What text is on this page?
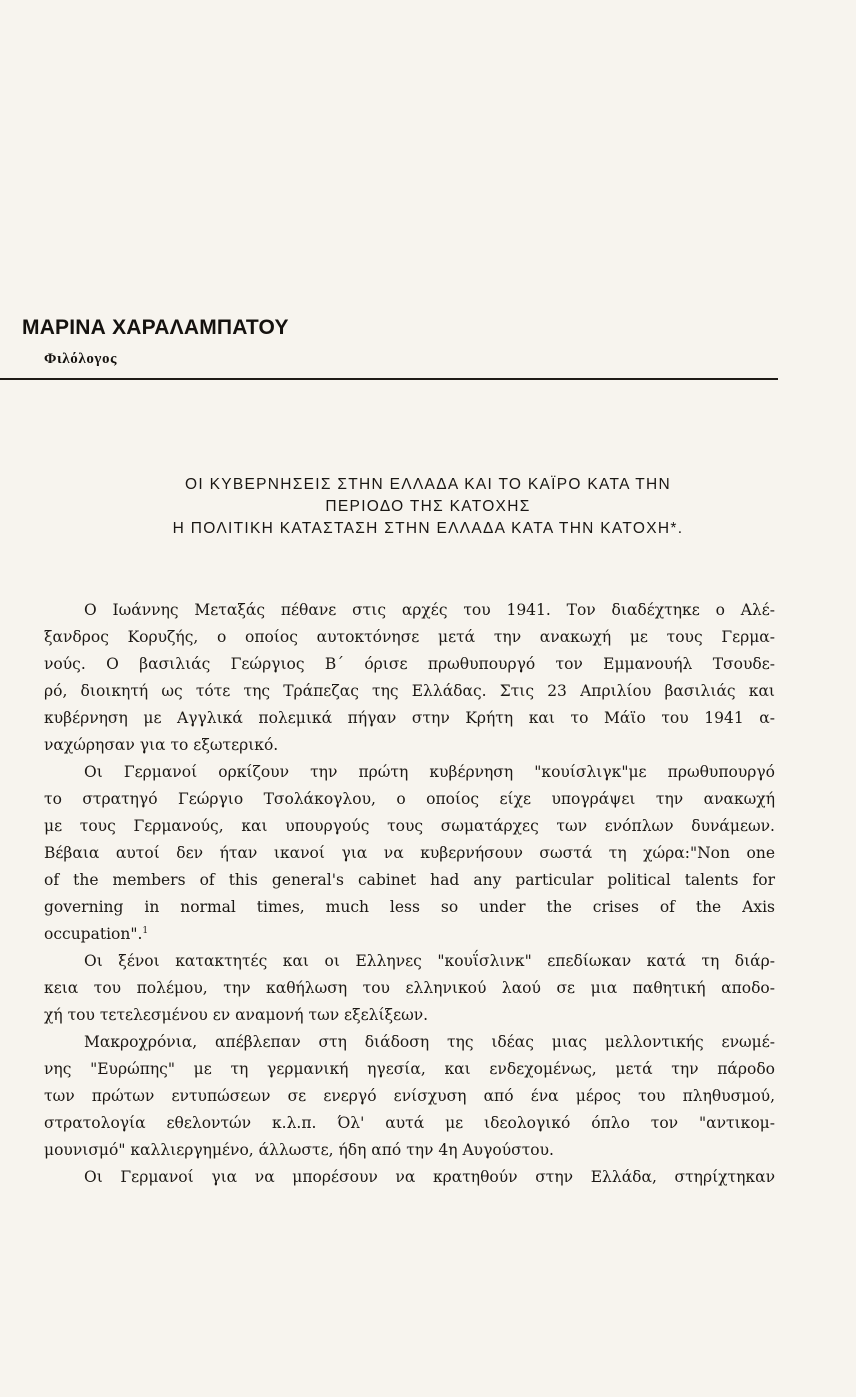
ΜΑΡΙΝΑ ΧΑΡΑΛΑΜΠΑΤΟΥ
Φιλόλογος
ΟΙ ΚΥΒΕΡΝΗΣΕΙΣ ΣΤΗΝ ΕΛΛΑΔΑ ΚΑΙ ΤΟ ΚΑΪΡΟ ΚΑΤΑ ΤΗΝ
ΠΕΡΙΟΔΟ ΤΗΣ ΚΑΤΟΧΗΣ
Η ΠΟΛΙΤΙΚΗ ΚΑΤΑΣΤΑΣΗ ΣΤΗΝ ΕΛΛΑΔΑ ΚΑΤΑ ΤΗΝ ΚΑΤΟΧΗ*.
Ο Ιωάννης Μεταξάς πέθανε στις αρχές του 1941. Τον διαδέχτηκε ο Αλέ-
ξανδρος Κορυζής, ο οποίος αυτοκτόνησε μετά την ανακωχή με τους Γερμα-
νούς. Ο βασιλιάς Γεώργιος Β΄ όρισε πρωθυπουργό τον Εμμανουήλ Τσουδε-
ρό, διοικητή ως τότε της Τράπεζας της Ελλάδας. Στις 23 Απριλίου βασιλιάς και
κυβέρνηση με Αγγλικά πολεμικά πήγαν στην Κρήτη και το Μάϊο του 1941 α-
ναχώρησαν για το εξωτερικό.
Οι Γερμανοί ορκίζουν την πρώτη κυβέρνηση "κουίσλιγκ"με πρωθυπουργό
το στρατηγό Γεώργιο Τσολάκογλου, ο οποίος είχε υπογράψει την ανακωχή
με τους Γερμανούς, και υπουργούς τους σωματάρχες των ενόπλων δυνάμεων.
Βέβαια αυτοί δεν ήταν ικανοί για να κυβερνήσουν σωστά τη χώρα:"Non one
of the members of this general's cabinet had any particular political talents for
governing in normal times, much less so under the crises of the Axis
occupation".$^1$
Οι ξένοι κατακτητές και οι Ελληνες "κουΐσλινκ" επεδίωκαν κατά τη διάρ-
κεια του πολέμου, την καθήλωση του ελληνικού λαού σε μια παθητική αποδο-
χή του τετελεσμένου εν αναμονή των εξελίξεων.
Μακροχρόνια, απέβλεπαν στη διάδοση της ιδέας μιας μελλοντικής ενωμέ-
νης "Ευρώπης" με τη γερμανική ηγεσία, και ενδεχομένως, μετά την πάροδο
των πρώτων εντυπώσεων σε ενεργό ενίσχυση από ένα μέρος του πληθυσμού,
στρατολογία εθελοντών κ.λ.π. Όλ' αυτά με ιδεολογικό όπλο τον "αντικομ-
μουνισμό" καλλιεργημένο, άλλωστε, ήδη από την 4η Αυγούστου.
Οι Γερμανοί για να μπορέσουν να κρατηθούν στην Ελλάδα, στηρίχτηκαν
